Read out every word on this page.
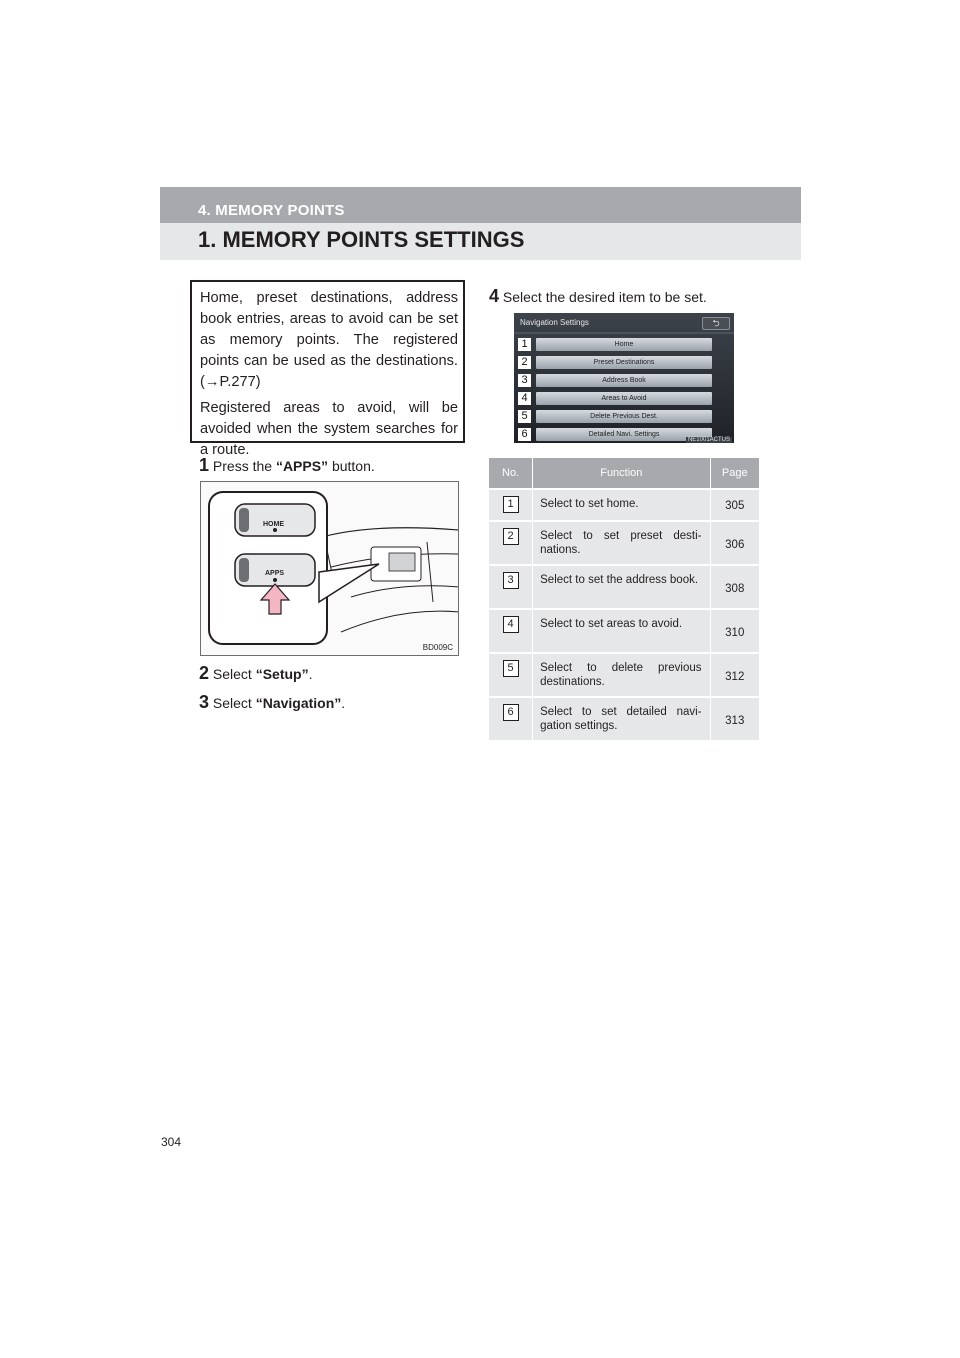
4. MEMORY POINTS
1. MEMORY POINTS SETTINGS

Home, preset destinations, address book entries, areas to avoid can be set as memory points. The registered points can be used as the destinations. (→P.277)

Registered areas to avoid, will be avoided when the system searches for a route.

1 Press the “APPS” button.
HOME
APPS
BD009C
2 Select “Setup”.
3 Select “Navigation”.
4 Select the desired item to be set.
Navigation Settings	⮌
1	Home
2	Preset Destinations
3	Address Book
4	Areas to Avoid
5	Delete Previous Dest.
6	Detailed Navi. Settings
NE1001ACTUS
No.	Function	Page
1	Select to set home.	305
2	Select to set preset desti-nations.	306
3	Select to set the address book.	308
4	Select to set areas to avoid.	310
5	Select to delete previous destinations.	312
6	Select to set detailed navi-gation settings.	313
304
